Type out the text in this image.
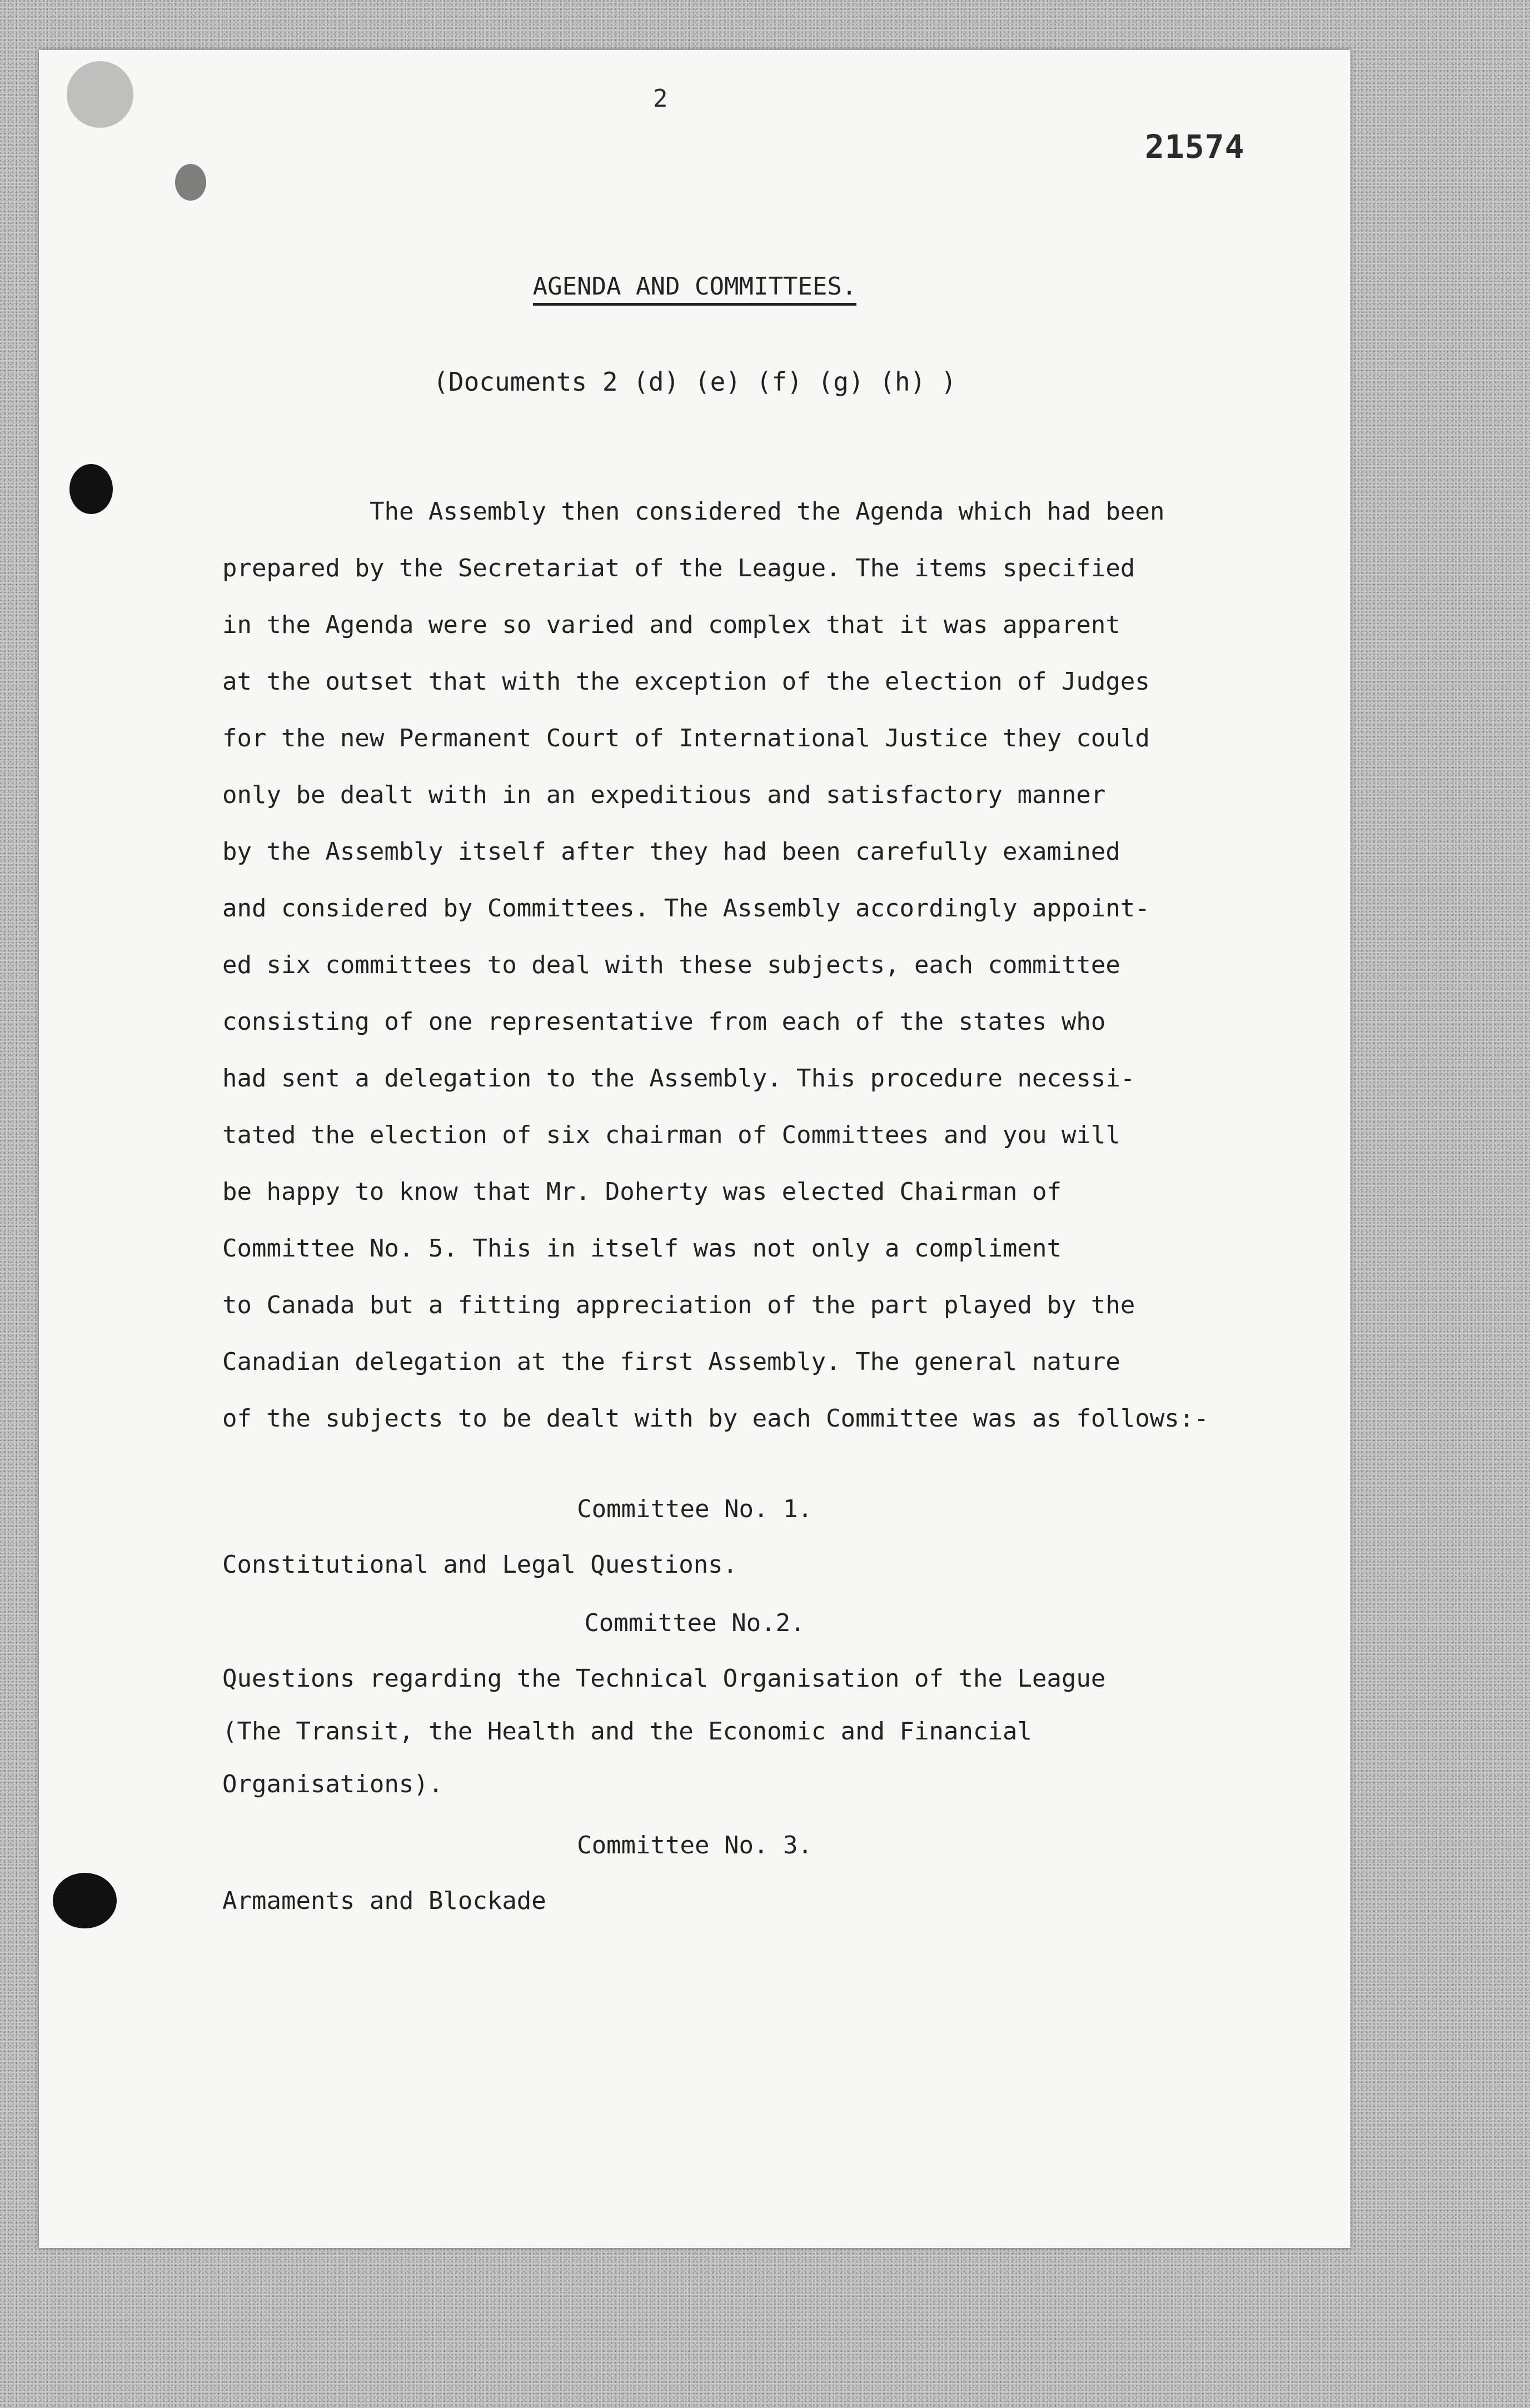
2
21574
AGENDA AND COMMITTEES.
(Documents 2 (d) (e) (f) (g) (h) )
The Assembly then considered the Agenda which had been
prepared by the Secretariat of the League. The items specified
in the Agenda were so varied and complex that it was apparent
at the outset that with the exception of the election of Judges
for the new Permanent Court of International Justice they could
only be dealt with in an expeditious and satisfactory manner
by the Assembly itself after they had been carefully examined
and considered by Committees. The Assembly accordingly appoint-
ed six committees to deal with these subjects, each committee
consisting of one representative from each of the states who
had sent a delegation to the Assembly. This procedure necessi-
tated the election of six chairman of Committees and you will
be happy to know that Mr. Doherty was elected Chairman of
Committee No. 5. This in itself was not only a compliment
to Canada but a fitting appreciation of the part played by the
Canadian delegation at the first Assembly. The general nature
of the subjects to be dealt with by each Committee was as follows:-
Committee No. 1.
Constitutional and Legal Questions.
Committee No.2.
Questions regarding the Technical Organisation of the League
(The Transit, the Health and the Economic and Financial
Organisations).
Committee No. 3.
Armaments and Blockade
